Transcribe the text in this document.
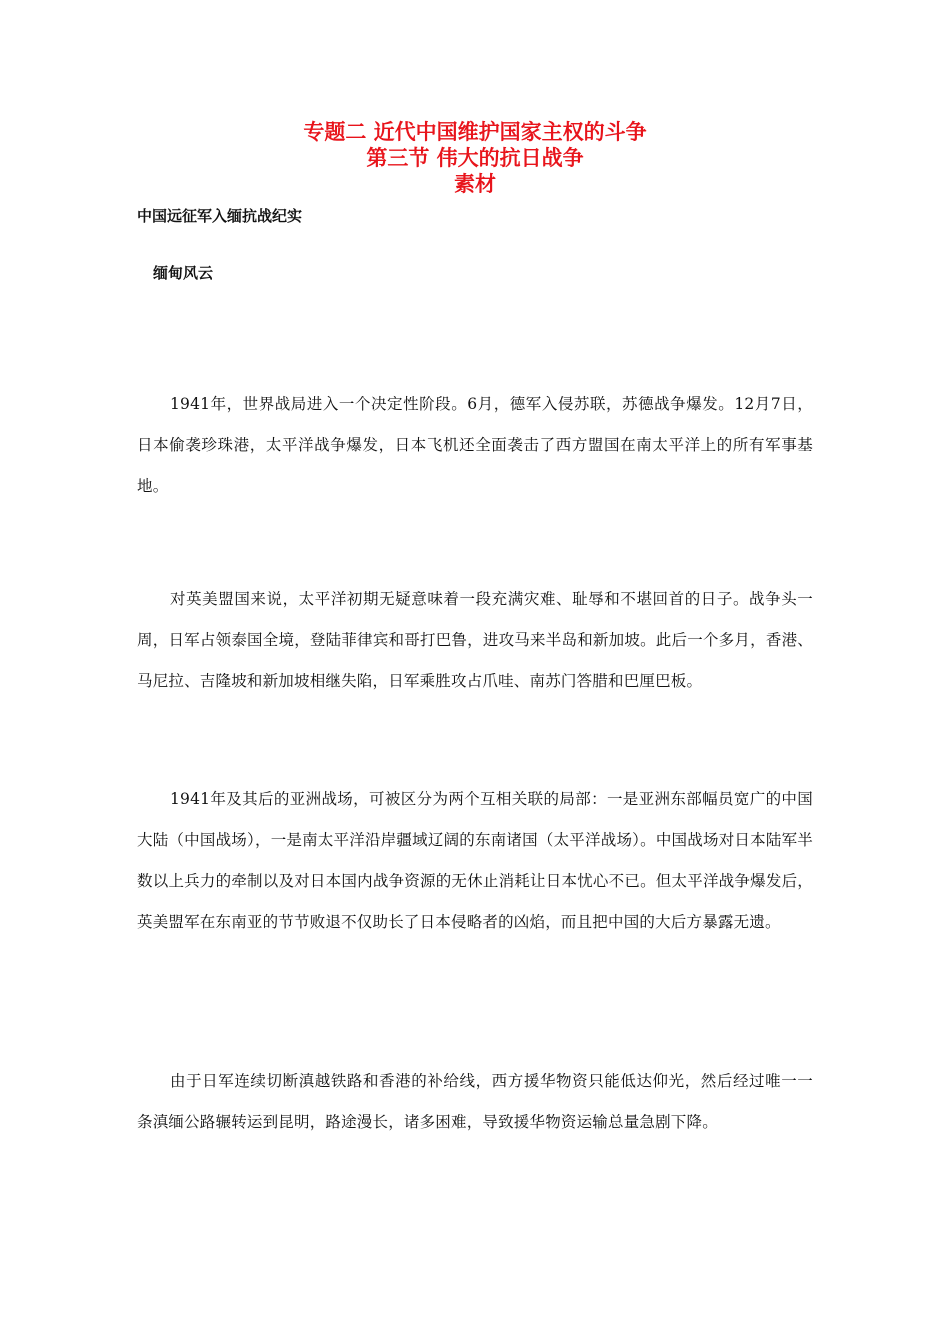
专题二 近代中国维护国家主权的斗争
第三节 伟大的抗日战争
素材
中国远征军入缅抗战纪实
缅甸风云

1941年，世界战局进入一个决定性阶段。6月，德军入侵苏联，苏德战争爆发。12月7日，日本偷袭珍珠港，太平洋战争爆发，日本飞机还全面袭击了西方盟国在南太平洋上的所有军事基地。

对英美盟国来说，太平洋初期无疑意味着一段充满灾难、耻辱和不堪回首的日子。战争头一周，日军占领泰国全境，登陆菲律宾和哥打巴鲁，进攻马来半岛和新加坡。此后一个多月，香港、马尼拉、吉隆坡和新加坡相继失陷，日军乘胜攻占爪哇、南苏门答腊和巴厘巴板。

1941年及其后的亚洲战场，可被区分为两个互相关联的局部：一是亚洲东部幅员宽广的中国大陆（中国战场），一是南太平洋沿岸疆域辽阔的东南诸国（太平洋战场）。中国战场对日本陆军半数以上兵力的牵制以及对日本国内战争资源的无休止消耗让日本忧心不已。但太平洋战争爆发后，英美盟军在东南亚的节节败退不仅助长了日本侵略者的凶焰，而且把中国的大后方暴露无遗。

由于日军连续切断滇越铁路和香港的补给线，西方援华物资只能低达仰光，然后经过唯一一条滇缅公路辗转运到昆明，路途漫长，诸多困难，导致援华物资运输总量急剧下降。
